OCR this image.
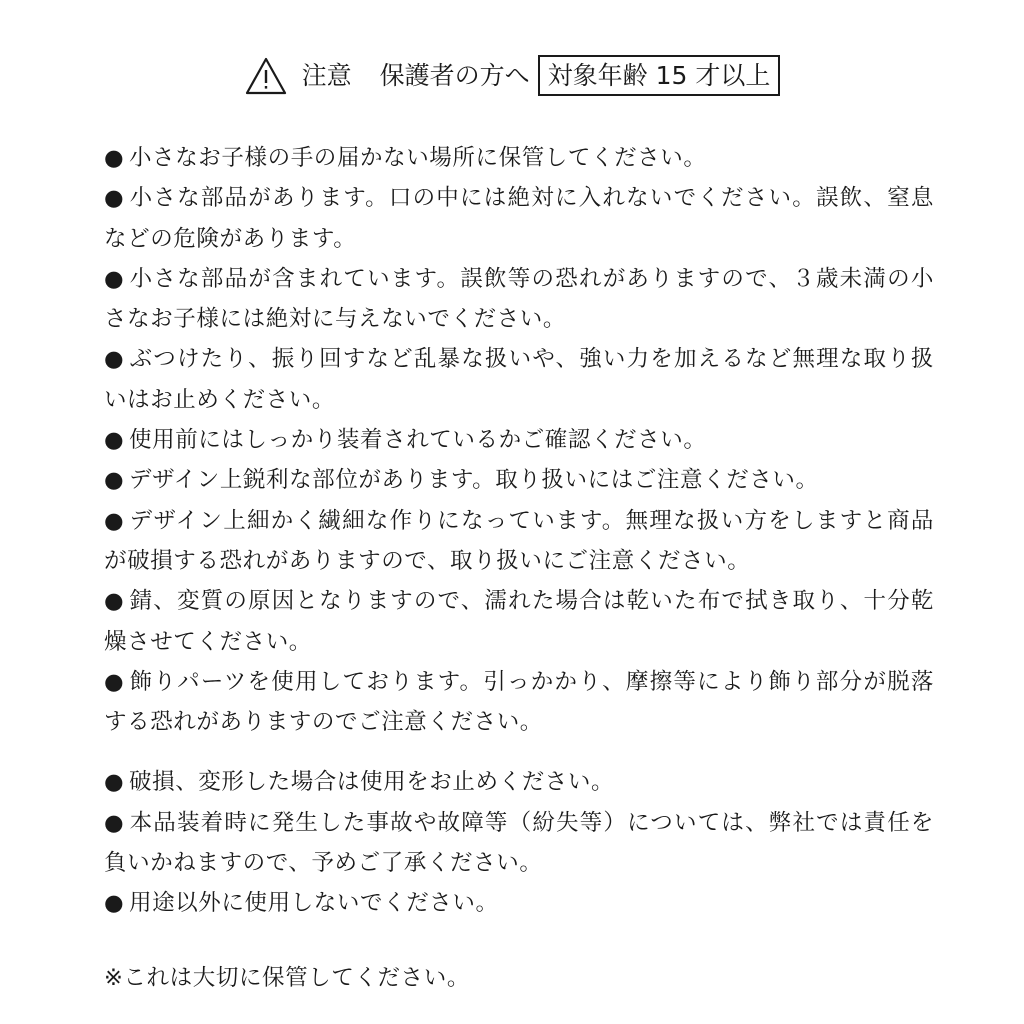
注意 保護者の方へ 対象年齢 15 才以上
● 小さなお子様の手の届かない場所に保管してください。
● 小さな部品があります。口の中には絶対に入れないでください。誤飲、窒息などの危険があります。
● 小さな部品が含まれています。誤飲等の恐れがありますので、３歳未満の小さなお子様には絶対に与えないでください。
● ぶつけたり、振り回すなど乱暴な扱いや、強い力を加えるなど無理な取り扱いはお止めください。
● 使用前にはしっかり装着されているかご確認ください。
● デザイン上鋭利な部位があります。取り扱いにはご注意ください。
● デザイン上細かく繊細な作りになっています。無理な扱い方をしますと商品が破損する恐れがありますので、取り扱いにご注意ください。
● 錆、変質の原因となりますので、濡れた場合は乾いた布で拭き取り、十分乾燥させてください。
● 飾りパーツを使用しております。引っかかり、摩擦等により飾り部分が脱落する恐れがありますのでご注意ください。
● 破損、変形した場合は使用をお止めください。
● 本品装着時に発生した事故や故障等（紛失等）については、弊社では責任を負いかねますので、予めご了承ください。
● 用途以外に使用しないでください。
※これは大切に保管してください。
